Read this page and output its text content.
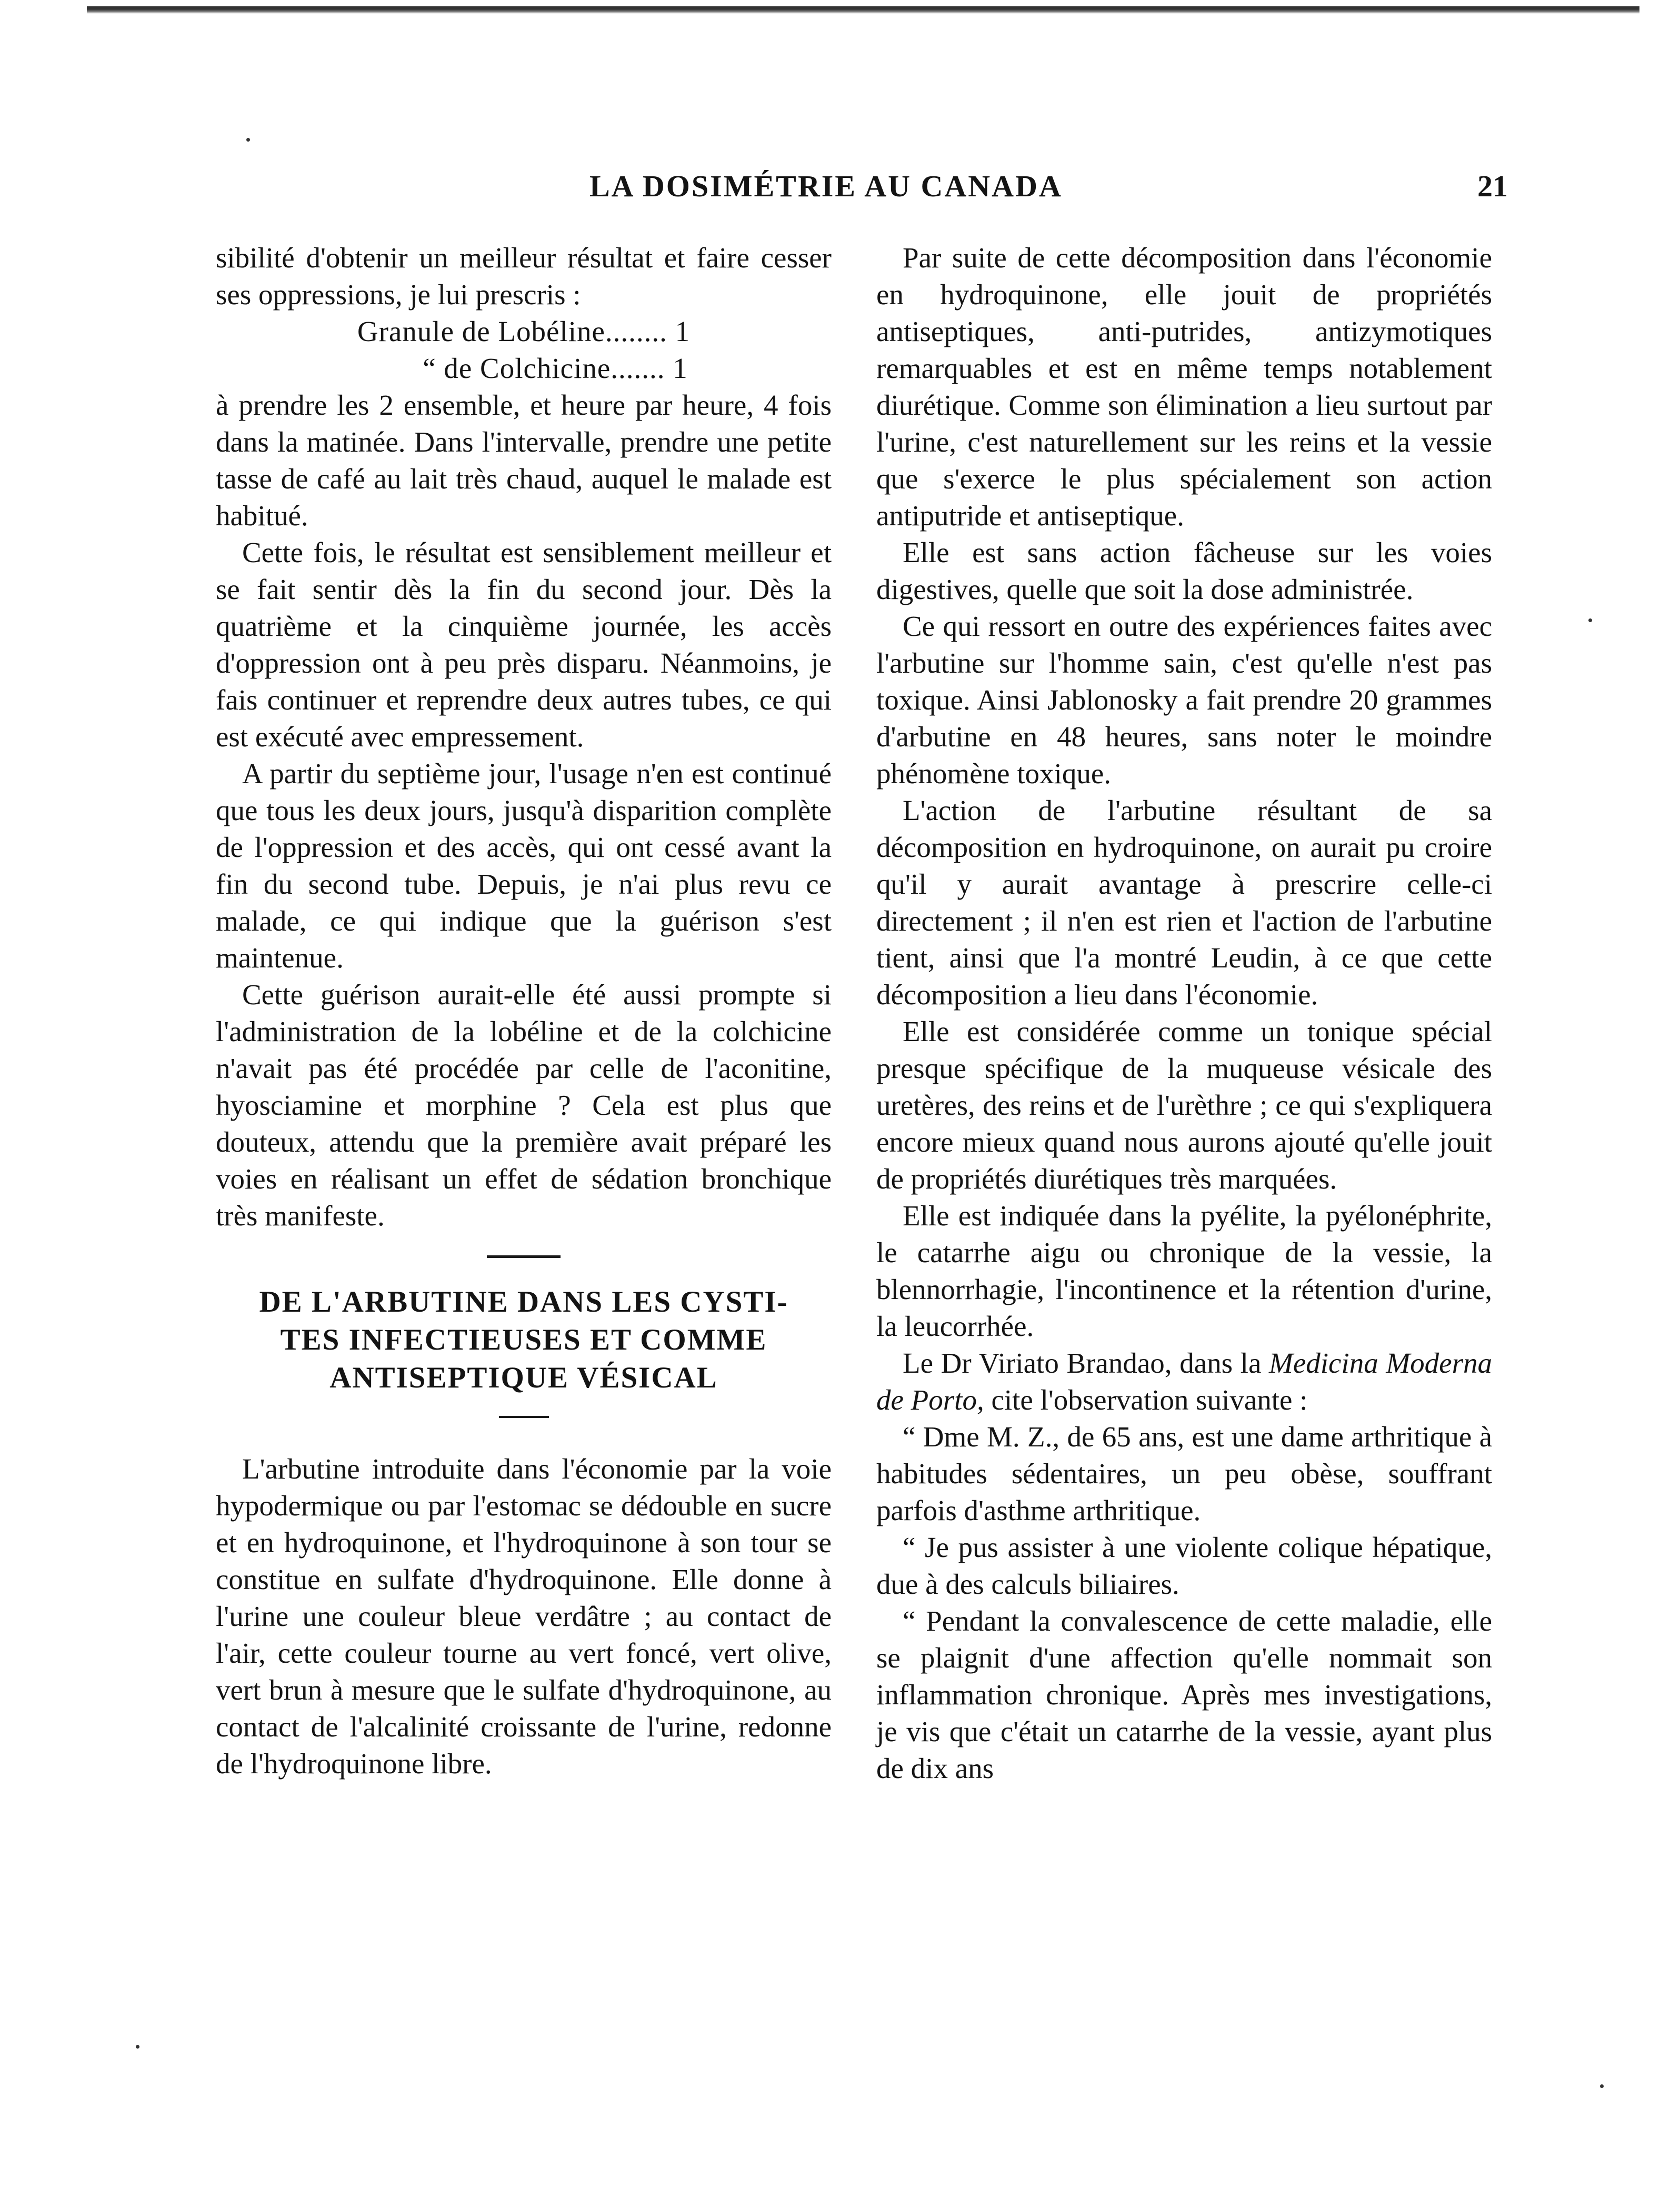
LA DOSIMÉTRIE AU CANADA	21

sibilité d'obtenir un meilleur résultat et faire cesser ses oppressions, je lui prescris :

Granule de Lobéline........ 1

“ de Colchicine....... 1

à prendre les 2 ensemble, et heure par heure, 4 fois dans la matinée. Dans l'intervalle, prendre une petite tasse de café au lait très chaud, auquel le malade est habitué.

Cette fois, le résultat est sensiblement meilleur et se fait sentir dès la fin du second jour. Dès la quatrième et la cinquième journée, les accès d'oppression ont à peu près disparu. Néanmoins, je fais continuer et reprendre deux autres tubes, ce qui est exécuté avec empressement.

A partir du septième jour, l'usage n'en est continué que tous les deux jours, jusqu'à disparition complète de l'oppression et des accès, qui ont cessé avant la fin du second tube. Depuis, je n'ai plus revu ce malade, ce qui indique que la guérison s'est maintenue.

Cette guérison aurait-elle été aussi prompte si l'administration de la lobéline et de la colchicine n'avait pas été procédée par celle de l'aconitine, hyosciamine et morphine ? Cela est plus que douteux, attendu que la première avait préparé les voies en réalisant un effet de sédation bronchique très manifeste.

DE L'ARBUTINE DANS LES CYSTI-

TES INFECTIEUSES ET COMME

ANTISEPTIQUE VÉSICAL

L'arbutine introduite dans l'économie par la voie hypodermique ou par l'estomac se dédouble en sucre et en hydroquinone, et l'hydroquinone à son tour se constitue en sulfate d'hydroquinone. Elle donne à l'urine une couleur bleue verdâtre ; au contact de l'air, cette couleur tourne au vert foncé, vert olive, vert brun à mesure que le sulfate d'hydroquinone, au contact de l'alcalinité croissante de l'urine, redonne de l'hydroquinone libre.

Par suite de cette décomposition dans l'économie en hydroquinone, elle jouit de propriétés antiseptiques, anti-putrides, antizymotiques remarquables et est en même temps notablement diurétique. Comme son élimination a lieu surtout par l'urine, c'est naturellement sur les reins et la vessie que s'exerce le plus spécialement son action antiputride et antiseptique.

Elle est sans action fâcheuse sur les voies digestives, quelle que soit la dose administrée.

Ce qui ressort en outre des expériences faites avec l'arbutine sur l'homme sain, c'est qu'elle n'est pas toxique. Ainsi Jablonosky a fait prendre 20 grammes d'arbutine en 48 heures, sans noter le moindre phénomène toxique.

L'action de l'arbutine résultant de sa décomposition en hydroquinone, on aurait pu croire qu'il y aurait avantage à prescrire celle-ci directement ; il n'en est rien et l'action de l'arbutine tient, ainsi que l'a montré Leudin, à ce que cette décomposition a lieu dans l'économie.

Elle est considérée comme un tonique spécial presque spécifique de la muqueuse vésicale des uretères, des reins et de l'urèthre ; ce qui s'expliquera encore mieux quand nous aurons ajouté qu'elle jouit de propriétés diurétiques très marquées.

Elle est indiquée dans la pyélite, la pyélonéphrite, le catarrhe aigu ou chronique de la vessie, la blennorrhagie, l'incontinence et la rétention d'urine, la leucorrhée.

Le Dr Viriato Brandao, dans la Medicina Moderna de Porto, cite l'observation suivante :

“ Dme M. Z., de 65 ans, est une dame arthritique à habitudes sédentaires, un peu obèse, souffrant parfois d'asthme arthritique.

“ Je pus assister à une violente colique hépatique, due à des calculs biliaires.

“ Pendant la convalescence de cette maladie, elle se plaignit d'une affection qu'elle nommait son inflammation chronique. Après mes investigations, je vis que c'était un catarrhe de la vessie, ayant plus de dix ans
